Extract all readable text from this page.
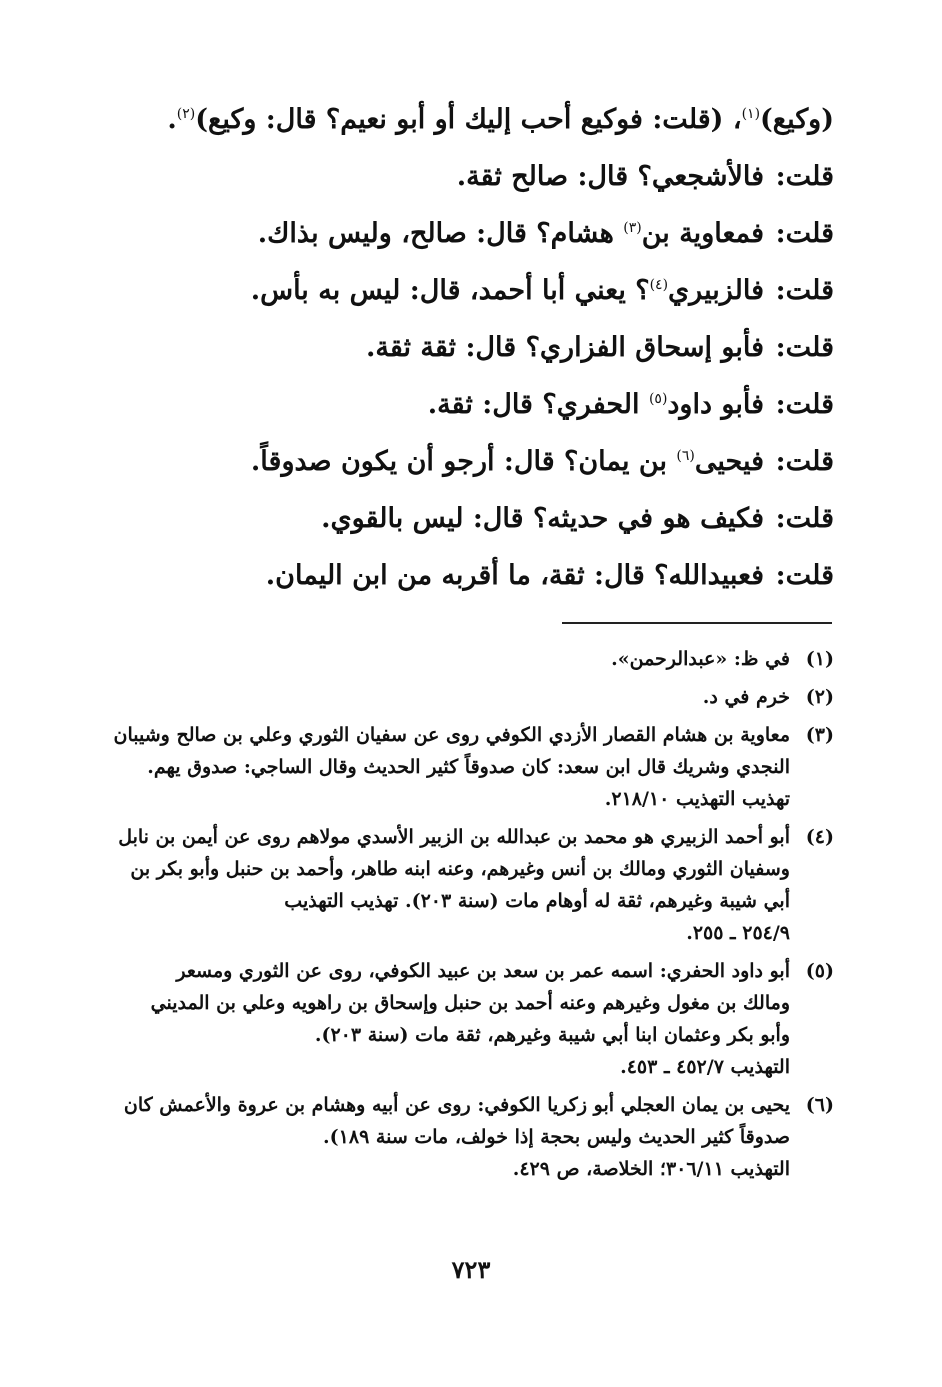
(وكيع)$^{(١)}$، (قلت: فوكيع أحب إليك أو أبو نعيم؟ قال: وكيع)$^{(٢)}$.
قلت:فالأشجعي؟ قال: صالح ثقة.
قلت:فمعاوية بن$^{(٣)}$ هشام؟ قال: صالح، وليس بذاك.
قلت:فالزبيري$^{(٤)}$؟ يعني أبا أحمد، قال: ليس به بأس.
قلت:فأبو إسحاق الفزاري؟ قال: ثقة ثقة.
قلت:فأبو داود$^{(٥)}$ الحفري؟ قال: ثقة.
قلت:فيحيى$^{(٦)}$ بن يمان؟ قال: أرجو أن يكون صدوقاً.
قلت:فكيف هو في حديثه؟ قال: ليس بالقوي.
قلت:فعبيدالله؟ قال: ثقة، ما أقربه من ابن اليمان.
(١)
في ظ: «عبدالرحمن».
(٢)
خرم في د.
(٣)
معاوية بن هشام القصار الأزدي الكوفي روى عن سفيان الثوري وعلي بن صالح وشيبان
النجدي وشريك قال ابن سعد: كان صدوقاً كثير الحديث وقال الساجي: صدوق يهم.
تهذيب التهذيب ٢١٨/١٠.
(٤)
أبو أحمد الزبيري هو محمد بن عبدالله بن الزبير الأسدي مولاهم روى عن أيمن بن نابل
وسفيان الثوري ومالك بن أنس وغيرهم، وعنه ابنه طاهر، وأحمد بن حنبل وأبو بكر بن
أبي شيبة وغيرهم، ثقة له أوهام مات (سنة ٢٠٣). تهذيب التهذيب
٢٥٤/٩ ـ ٢٥٥.
(٥)
أبو داود الحفري: اسمه عمر بن سعد بن عبيد الكوفي، روى عن الثوري ومسعر
ومالك بن مغول وغيرهم وعنه أحمد بن حنبل وإسحاق بن راهويه وعلي بن المديني
وأبو بكر وعثمان ابنا أبي شيبة وغيرهم، ثقة مات (سنة ٢٠٣).
التهذيب ٤٥٢/٧ ـ ٤٥٣.
(٦)
يحيى بن يمان العجلي أبو زكريا الكوفي: روى عن أبيه وهشام بن عروة والأعمش كان
صدوقاً كثير الحديث وليس بحجة إذا خولف، مات سنة ١٨٩).
التهذيب ٣٠٦/١١؛ الخلاصة، ص ٤٢٩.
٧٢٣
